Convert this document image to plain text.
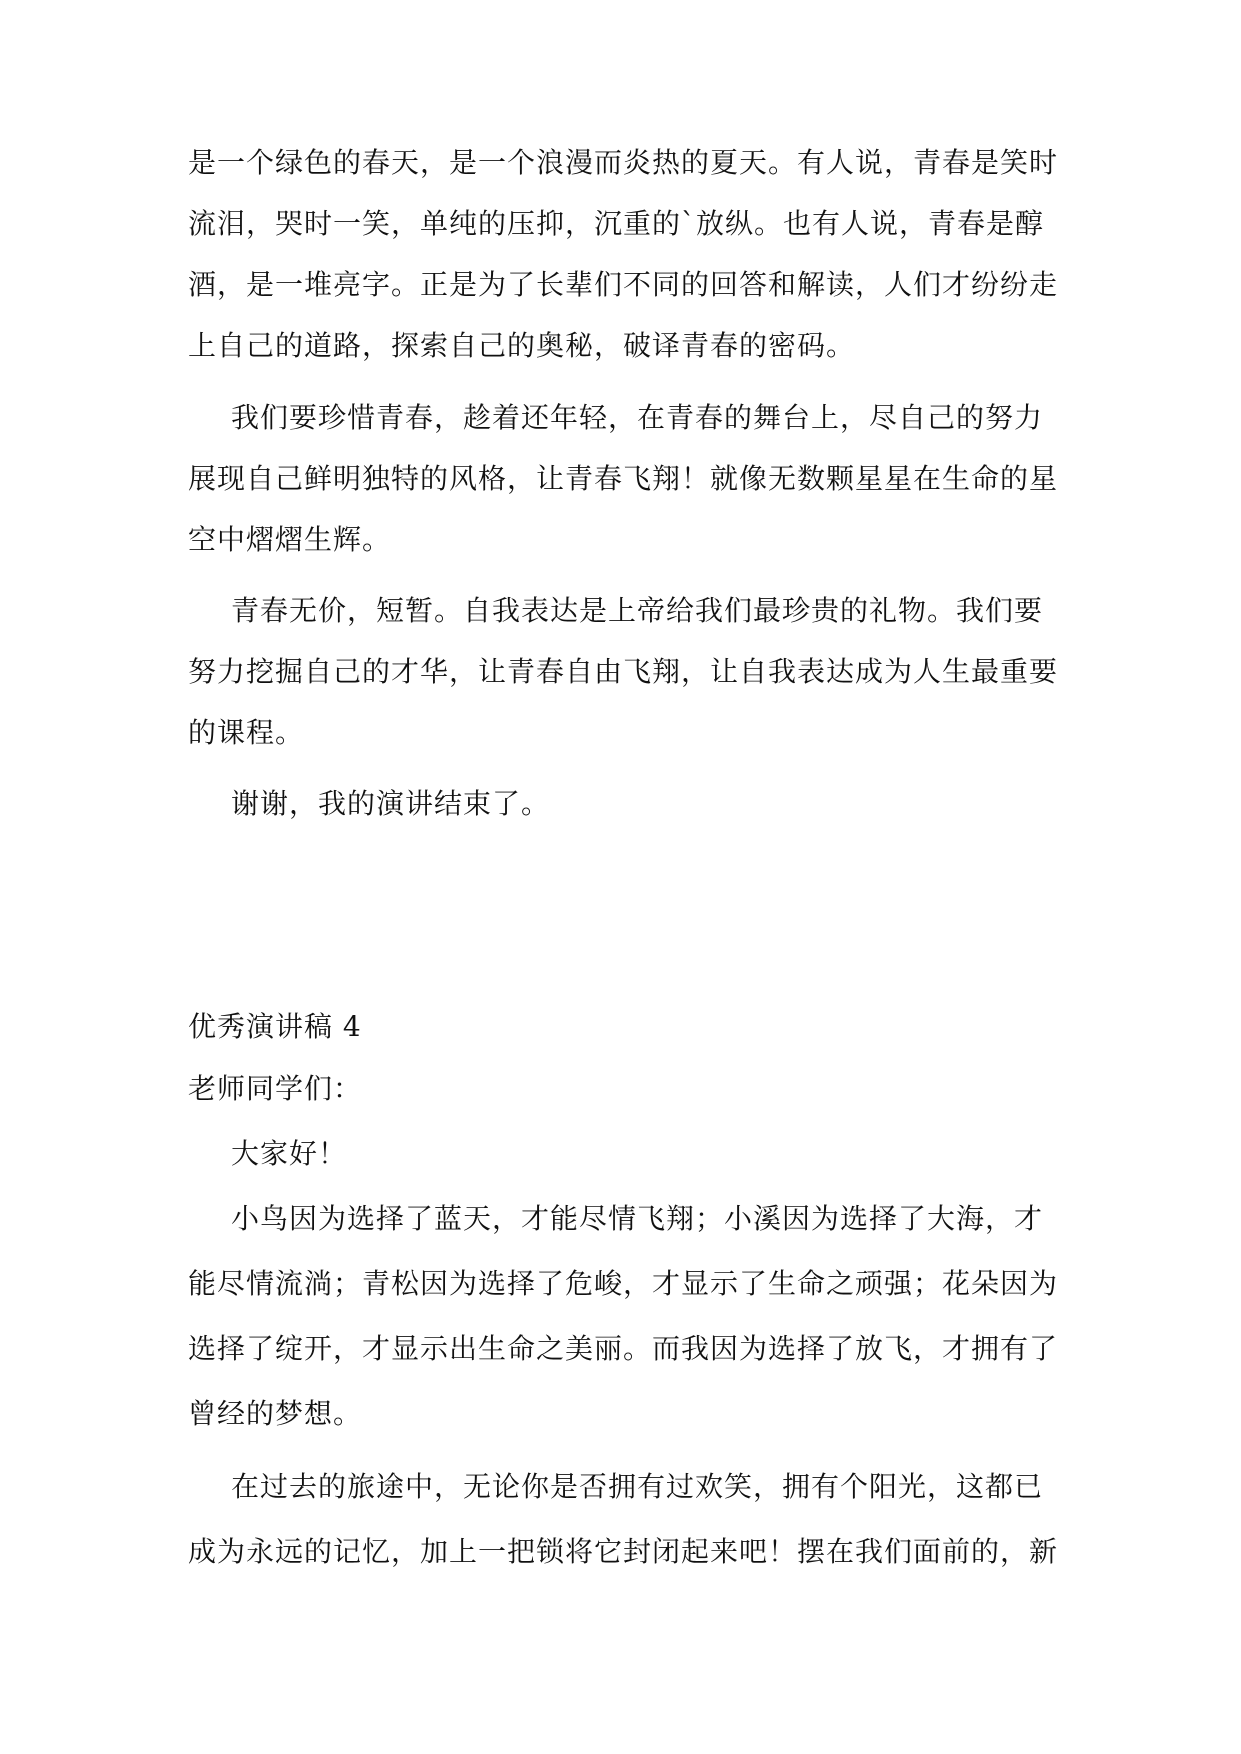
是一个绿色的春天，是一个浪漫而炎热的夏天。有人说，青春是笑时

流泪，哭时一笑，单纯的压抑，沉重的`放纵。也有人说，青春是醇

酒，是一堆亮字。正是为了长辈们不同的回答和解读，人们才纷纷走

上自己的道路，探索自己的奥秘，破译青春的密码。

我们要珍惜青春，趁着还年轻，在青春的舞台上，尽自己的努力

展现自己鲜明独特的风格，让青春飞翔！就像无数颗星星在生命的星

空中熠熠生辉。

青春无价，短暂。自我表达是上帝给我们最珍贵的礼物。我们要

努力挖掘自己的才华，让青春自由飞翔，让自我表达成为人生最重要

的课程。

谢谢，我的演讲结束了。

优秀演讲稿 4

老师同学们：

大家好！

小鸟因为选择了蓝天，才能尽情飞翔；小溪因为选择了大海，才

能尽情流淌；青松因为选择了危峻，才显示了生命之顽强；花朵因为

选择了绽开，才显示出生命之美丽。而我因为选择了放飞，才拥有了

曾经的梦想。

在过去的旅途中，无论你是否拥有过欢笑，拥有个阳光，这都已

成为永远的记忆，加上一把锁将它封闭起来吧！摆在我们面前的，新
